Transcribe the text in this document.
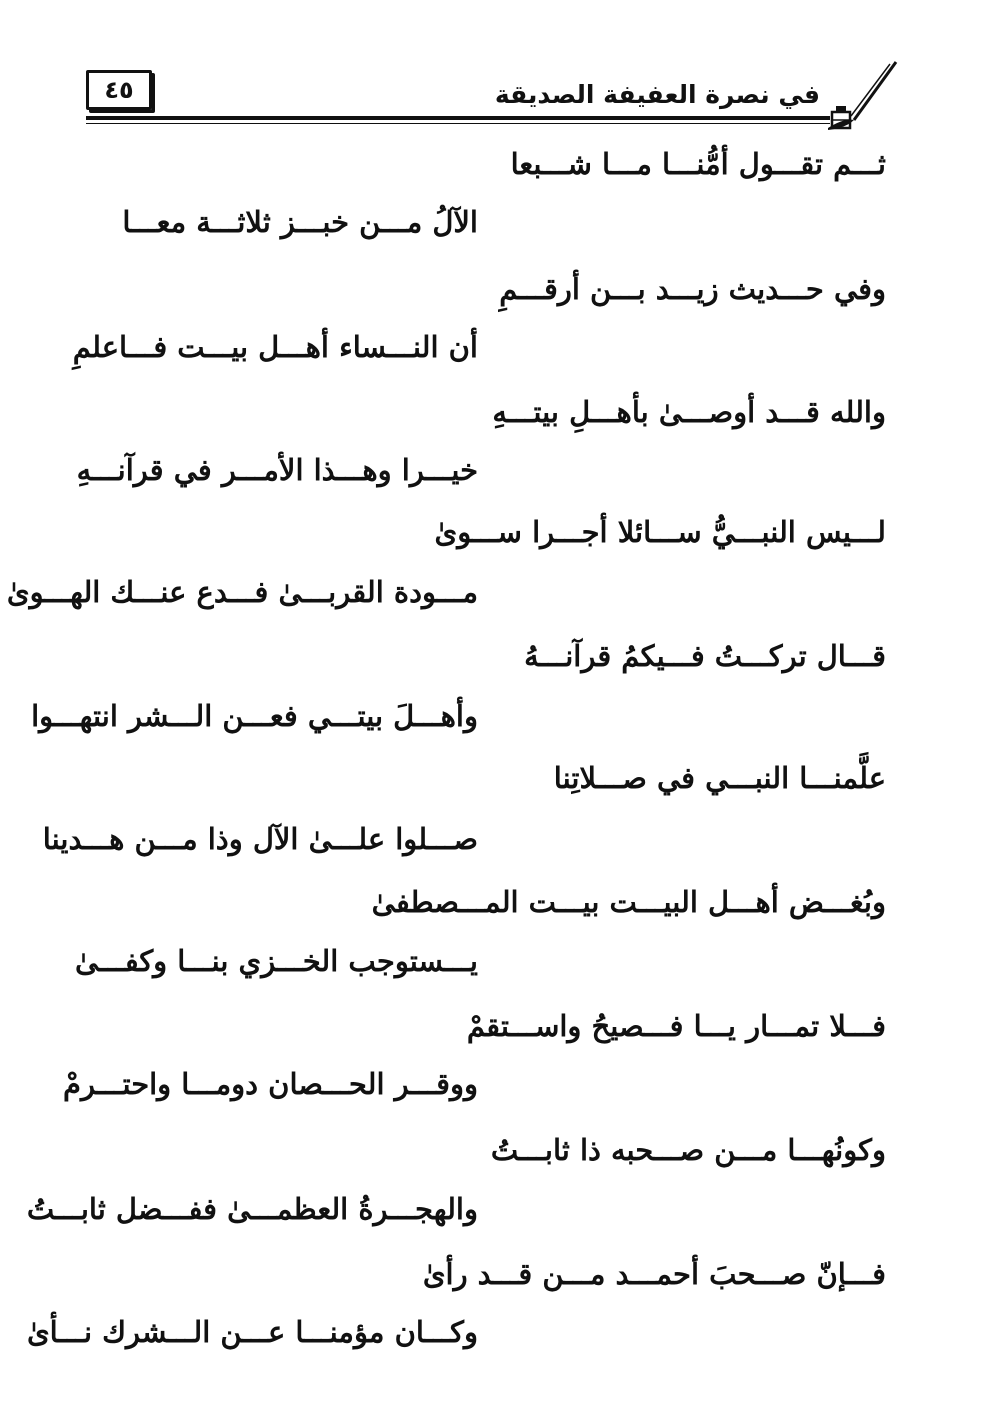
٤٥	في نصرة العفيفة الصديقة
ثـــم تقـــول أمُّنـــا مـــا شـــبعا
الآلُ مـــن خبـــز ثلاثـــة معـــا
وفي حـــديث زيـــد بـــن أرقـــمِ
أن النـــساء أهـــل بيـــت فـــاعلمِ
والله قـــد أوصـــىٰ بأهـــلِ بيتـــهِ
خيـــرا وهـــذا الأمـــر في قرآنـــهِ
لـــيس النبـــيُّ ســـائلا أجـــرا ســـوىٰ
مـــودة القربـــىٰ فـــدع عنـــك الهـــوىٰ
قـــال تركـــتُ فـــيكمُ قرآنـــهُ
وأهـــلَ بيتـــي فعـــن الـــشر انتهـــوا
علَّمنـــا النبـــي في صـــلاتِنا
صـــلوا علـــىٰ الآل وذا مـــن هـــدينا
وبُغـــض أهـــل البيـــت بيـــت المـــصطفىٰ
يـــستوجب الخـــزي بنـــا وكفـــىٰ
فـــلا تمـــار يـــا فـــصيحُ واســـتقمْ
ووقـــر الحـــصان دومـــا واحتـــرمْ
وكونُهـــا مـــن صـــحبه ذا ثابـــتُ
والهجـــرةُ العظمـــىٰ ففـــضل ثابـــتُ
فـــإنّ صـــحبَ أحمـــد مـــن قـــد رأىٰ
وكـــان مؤمنـــا عـــن الـــشرك نـــأىٰ
